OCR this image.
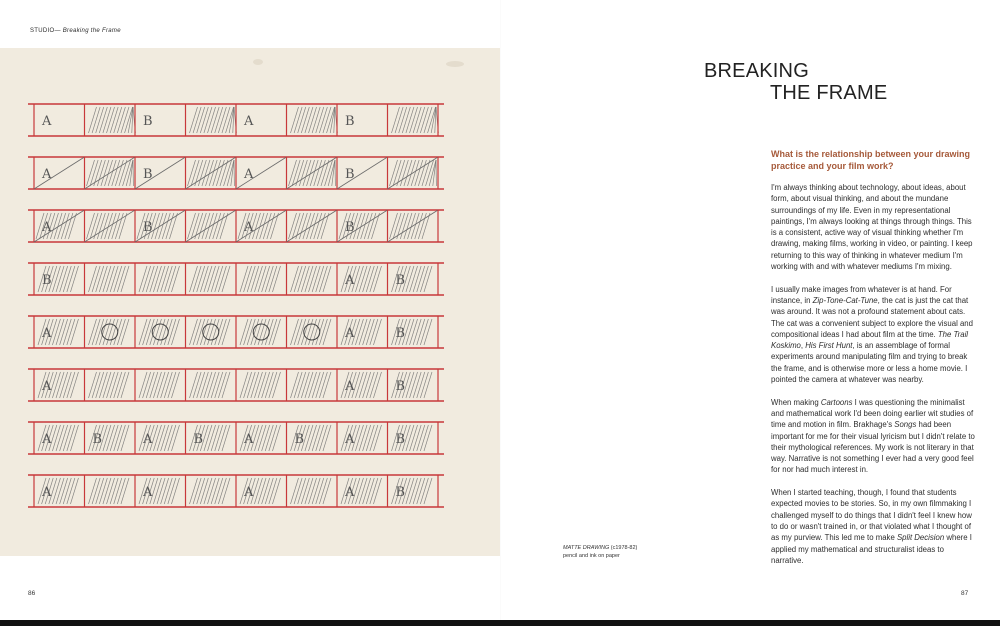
STUDIO— Breaking the Frame
A	B	A	B
A	B	A	B
A	B	A	B
B	A	B
A	A	B
A	A	B
A	B	A	B	A	B	A	B
A	A	A	A	B
MATTE DRAWING (c1978-82)
pencil and ink on paper
BREAKING
THE FRAME
What is the relationship between your drawing practice and your film work?

I'm always thinking about technology, about ideas, about form, about visual thinking, and about the mundane surroundings of my life. Even in my representational paintings, I'm always looking at things through things. This is a consistent, active way of visual thinking whether I'm drawing, making films, working in video, or painting. I keep returning to this way of thinking in whatever medium I'm working with and with whatever mediums I'm mixing.

I usually make images from whatever is at hand. For instance, in Zip-Tone-Cat-Tune, the cat is just the cat that was around. It was not a profound statement about cats. The cat was a convenient subject to explore the visual and compositional ideas I had about film at the time. The Trail Koskimo, His First Hunt, is an assemblage of formal experiments around manipulating film and trying to break the frame, and is otherwise more or less a home movie. I pointed the camera at whatever was nearby.

When making Cartoons I was questioning the minimalist and mathematical work I'd been doing earlier wit studies of time and motion in film. Brakhage's Songs had been important for me for their visual lyricism but I didn't relate to their mythological references. My work is not literary in that way. Narrative is not something I ever had a very good feel for nor had much interest in.

When I started teaching, though, I found that students expected movies to be stories. So, in my own filmmaking I challenged myself to do things that I didn't feel I knew how to do or wasn't trained in, or that violated what I thought of as my purview. This led me to make Split Decision where I applied my mathematical and structuralist ideas to narrative.

86	87
